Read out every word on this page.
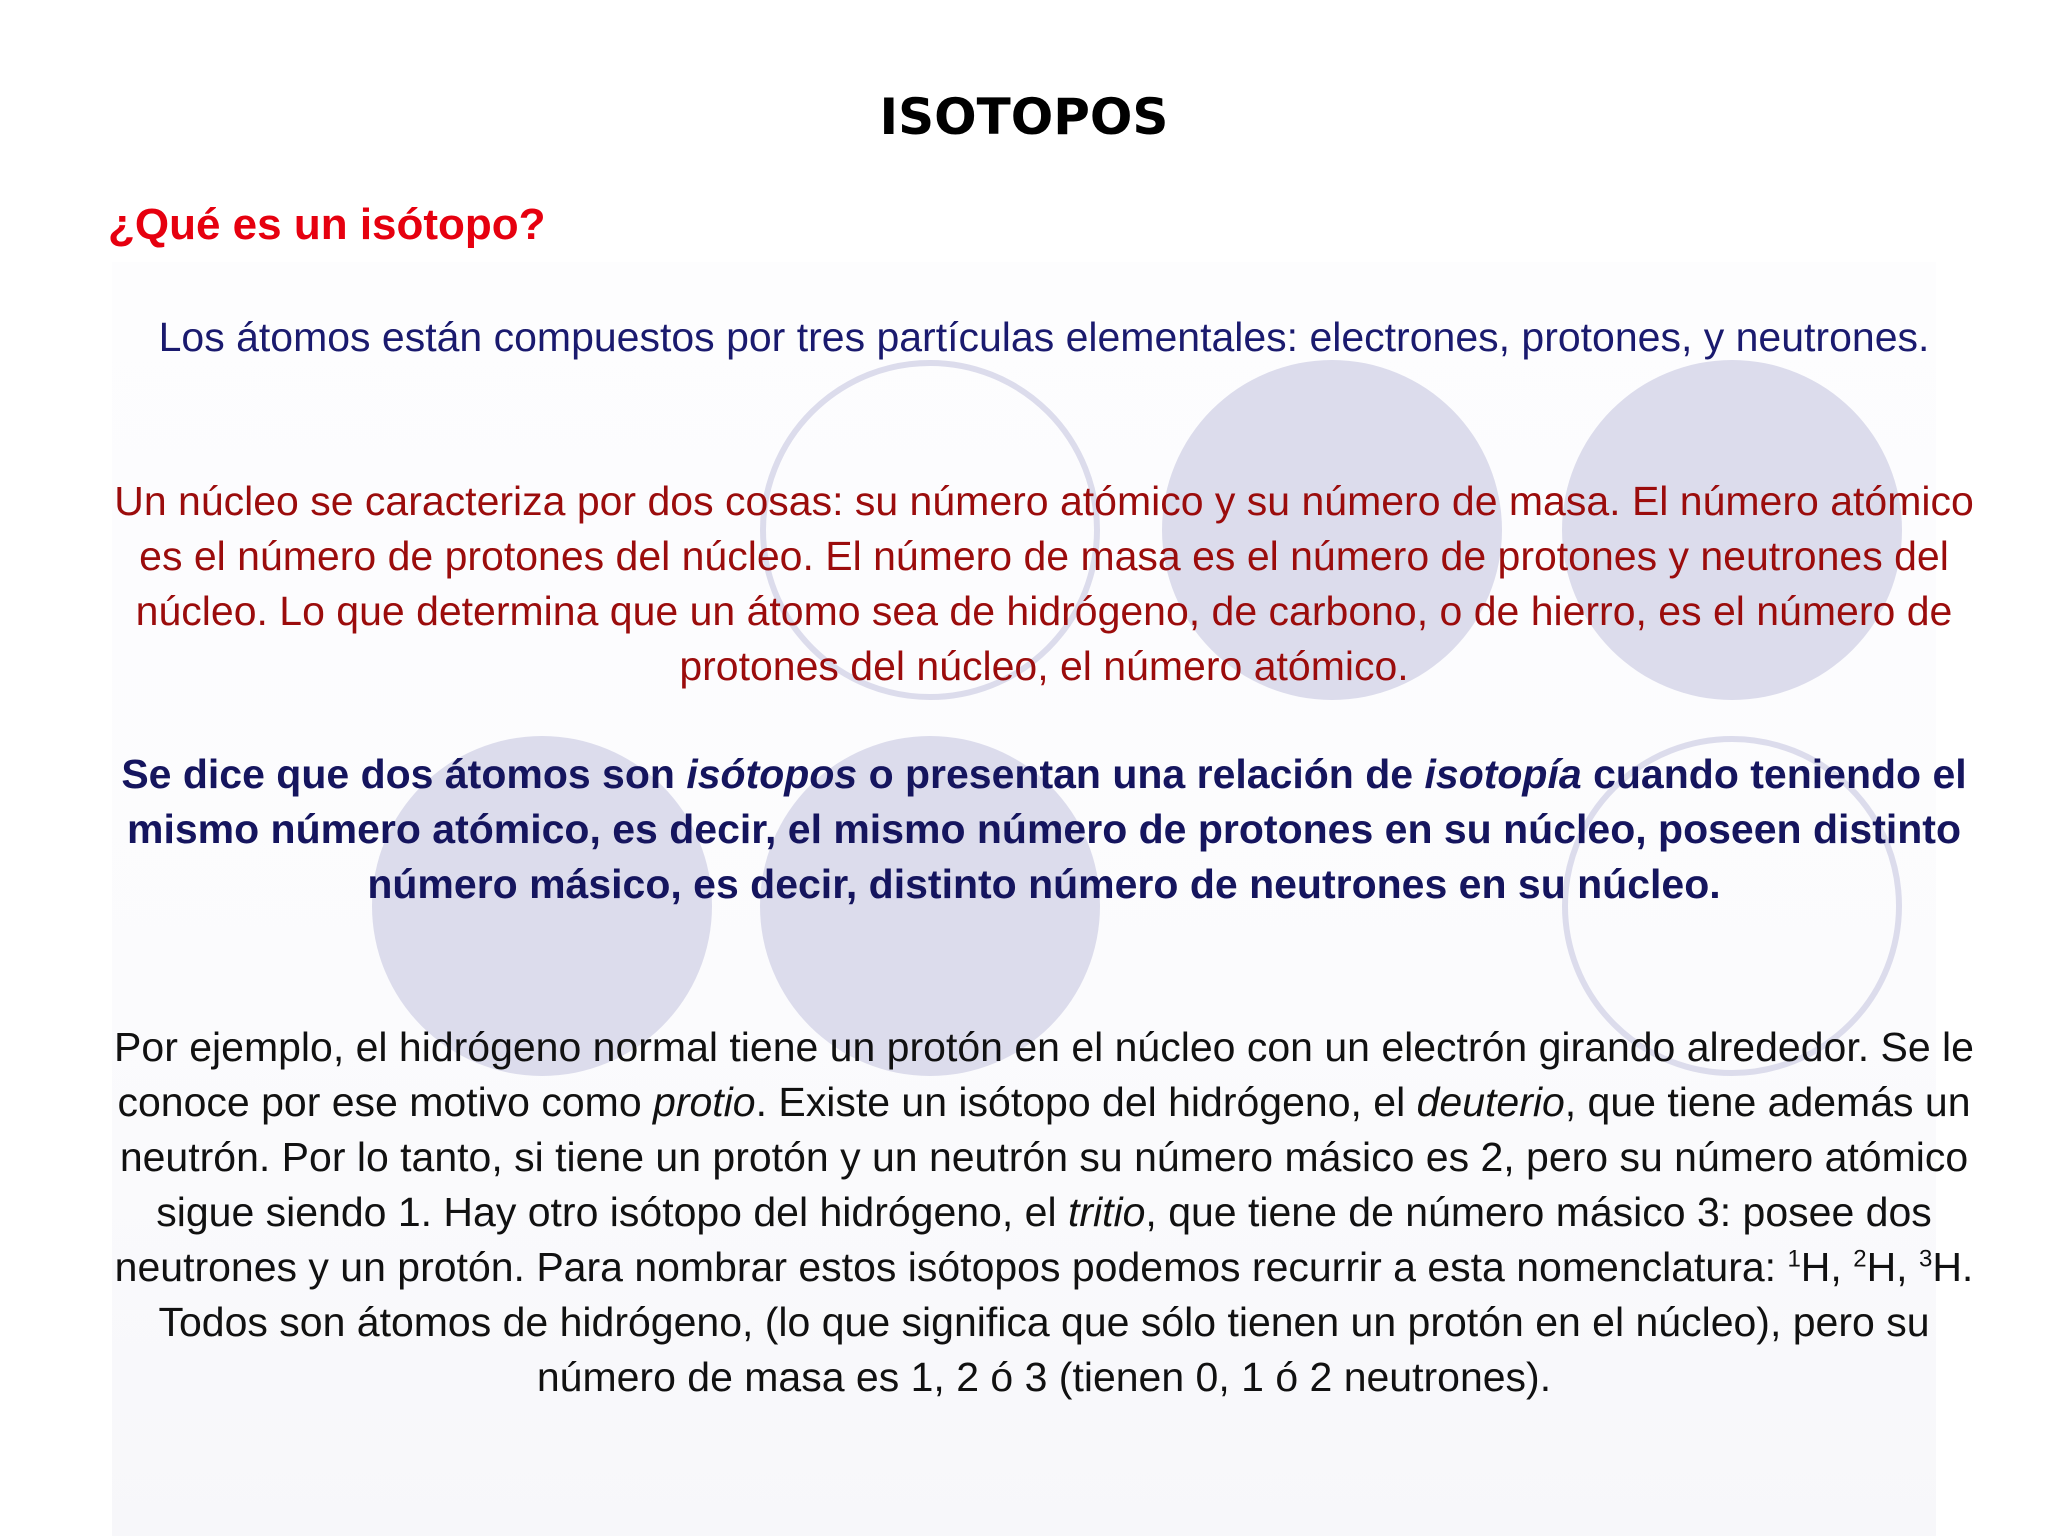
ISOTOPOS
¿Qué es un isótopo?

Los átomos están compuestos por tres partículas elementales: electrones, protones, y neutrones.

Un núcleo se caracteriza por dos cosas: su número atómico y su número de masa. El número atómico es el número de protones del núcleo. El número de masa es el número de protones y neutrones del núcleo. Lo que determina que un átomo sea de hidrógeno, de carbono, o de hierro, es el número de protones del núcleo, el número atómico.

Se dice que dos átomos son isótopos o presentan una relación de isotopía cuando teniendo el mismo número atómico, es decir, el mismo número de protones en su núcleo, poseen distinto número másico, es decir, distinto número de neutrones en su núcleo.

Por ejemplo, el hidrógeno normal tiene un protón en el núcleo con un electrón girando alrededor. Se le conoce por ese motivo como protio. Existe un isótopo del hidrógeno, el deuterio, que tiene además un neutrón. Por lo tanto, si tiene un protón y un neutrón su número másico es 2, pero su número atómico sigue siendo 1. Hay otro isótopo del hidrógeno, el tritio, que tiene de número másico 3: posee dos neutrones y un protón. Para nombrar estos isótopos podemos recurrir a esta nomenclatura: $^1$H, $^2$H, $^3$H. Todos son átomos de hidrógeno, (lo que significa que sólo tienen un protón en el núcleo), pero su número de masa es 1, 2 ó 3 (tienen 0, 1 ó 2 neutrones).
